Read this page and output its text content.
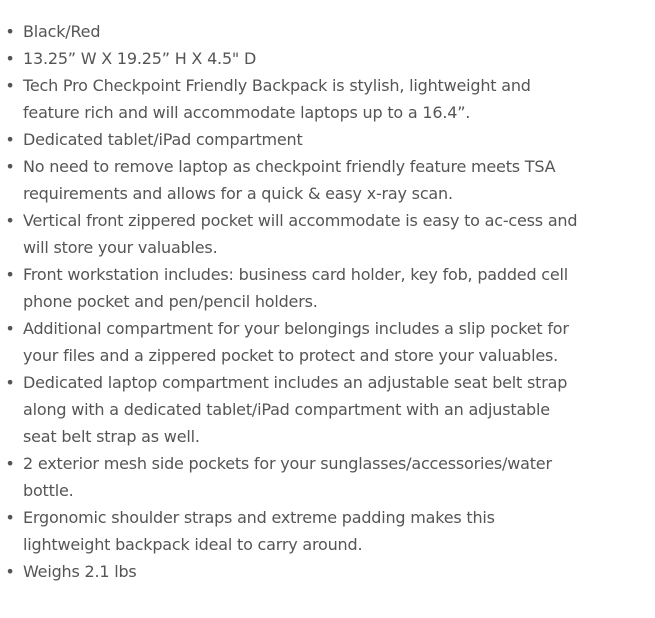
• Black/Red
• 13.25” W X 19.25” H X 4.5" D
• Tech Pro Checkpoint Friendly Backpack is stylish, lightweight and feature rich and will accommodate laptops up to a 16.4”.
• Dedicated tablet/iPad compartment
• No need to remove laptop as checkpoint friendly feature meets TSA requirements and allows for a quick & easy x-ray scan.
• Vertical front zippered pocket will accommodate is easy to ac-cess and will store your valuables.
• Front workstation includes: business card holder, key fob, padded cell phone pocket and pen/pencil holders.
• Additional compartment for your belongings includes a slip pocket for your files and a zippered pocket to protect and store your valuables.
• Dedicated laptop compartment includes an adjustable seat belt strap along with a dedicated tablet/iPad compartment with an adjustable seat belt strap as well.
• 2 exterior mesh side pockets for your sunglasses/accessories/water bottle.
• Ergonomic shoulder straps and extreme padding makes this lightweight backpack ideal to carry around.
• Weighs 2.1 lbs
